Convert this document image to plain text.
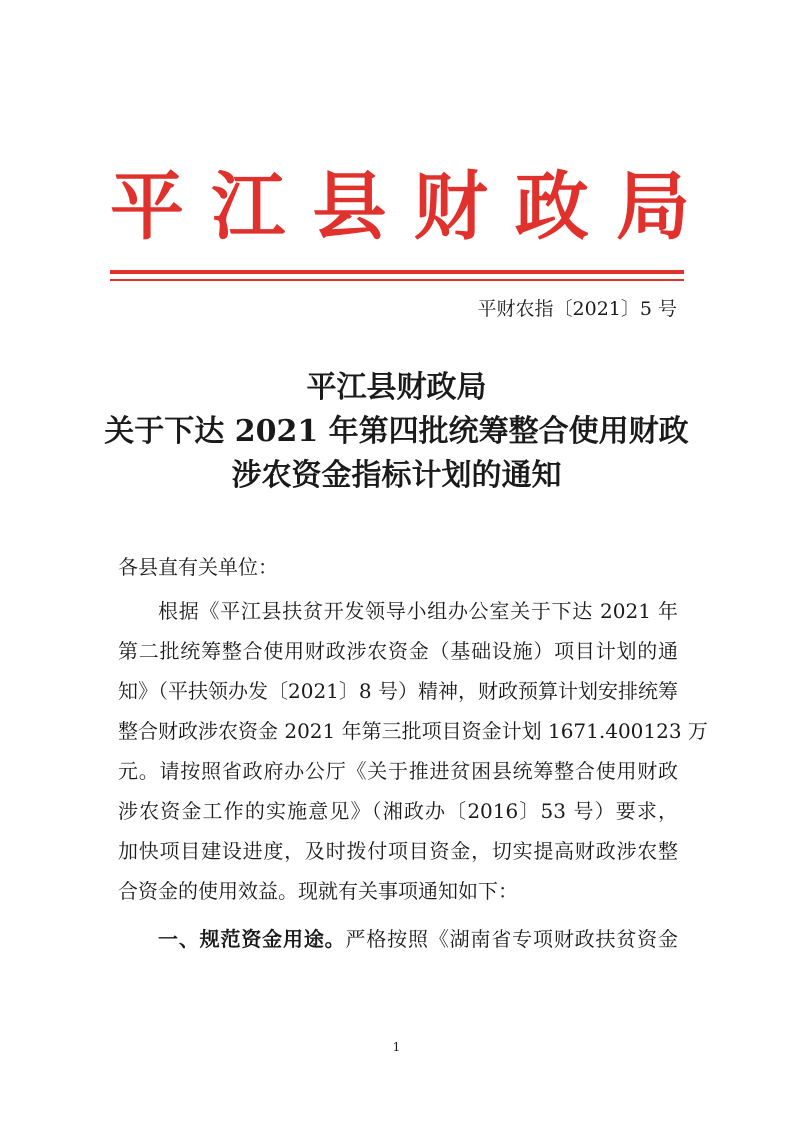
平 江 县 财 政 局
平财农指〔2021〕5 号
平江县财政局
关于下达 2021 年第四批统筹整合使用财政
涉农资金指标计划的通知
各县直有关单位：
根据《平江县扶贫开发领导小组办公室关于下达 2021 年
第二批统筹整合使用财政涉农资金（基础设施）项目计划的通
知》（平扶领办发〔2021〕8 号）精神，财政预算计划安排统筹
整合财政涉农资金 2021 年第三批项目资金计划 1671.400123 万
元。请按照省政府办公厅《关于推进贫困县统筹整合使用财政
涉农资金工作的实施意见》（湘政办〔2016〕53 号）要求，
加快项目建设进度，及时拨付项目资金，切实提高财政涉农整
合资金的使用效益。现就有关事项通知如下：
一、规范资金用途。严格按照《湖南省专项财政扶贫资金
1
